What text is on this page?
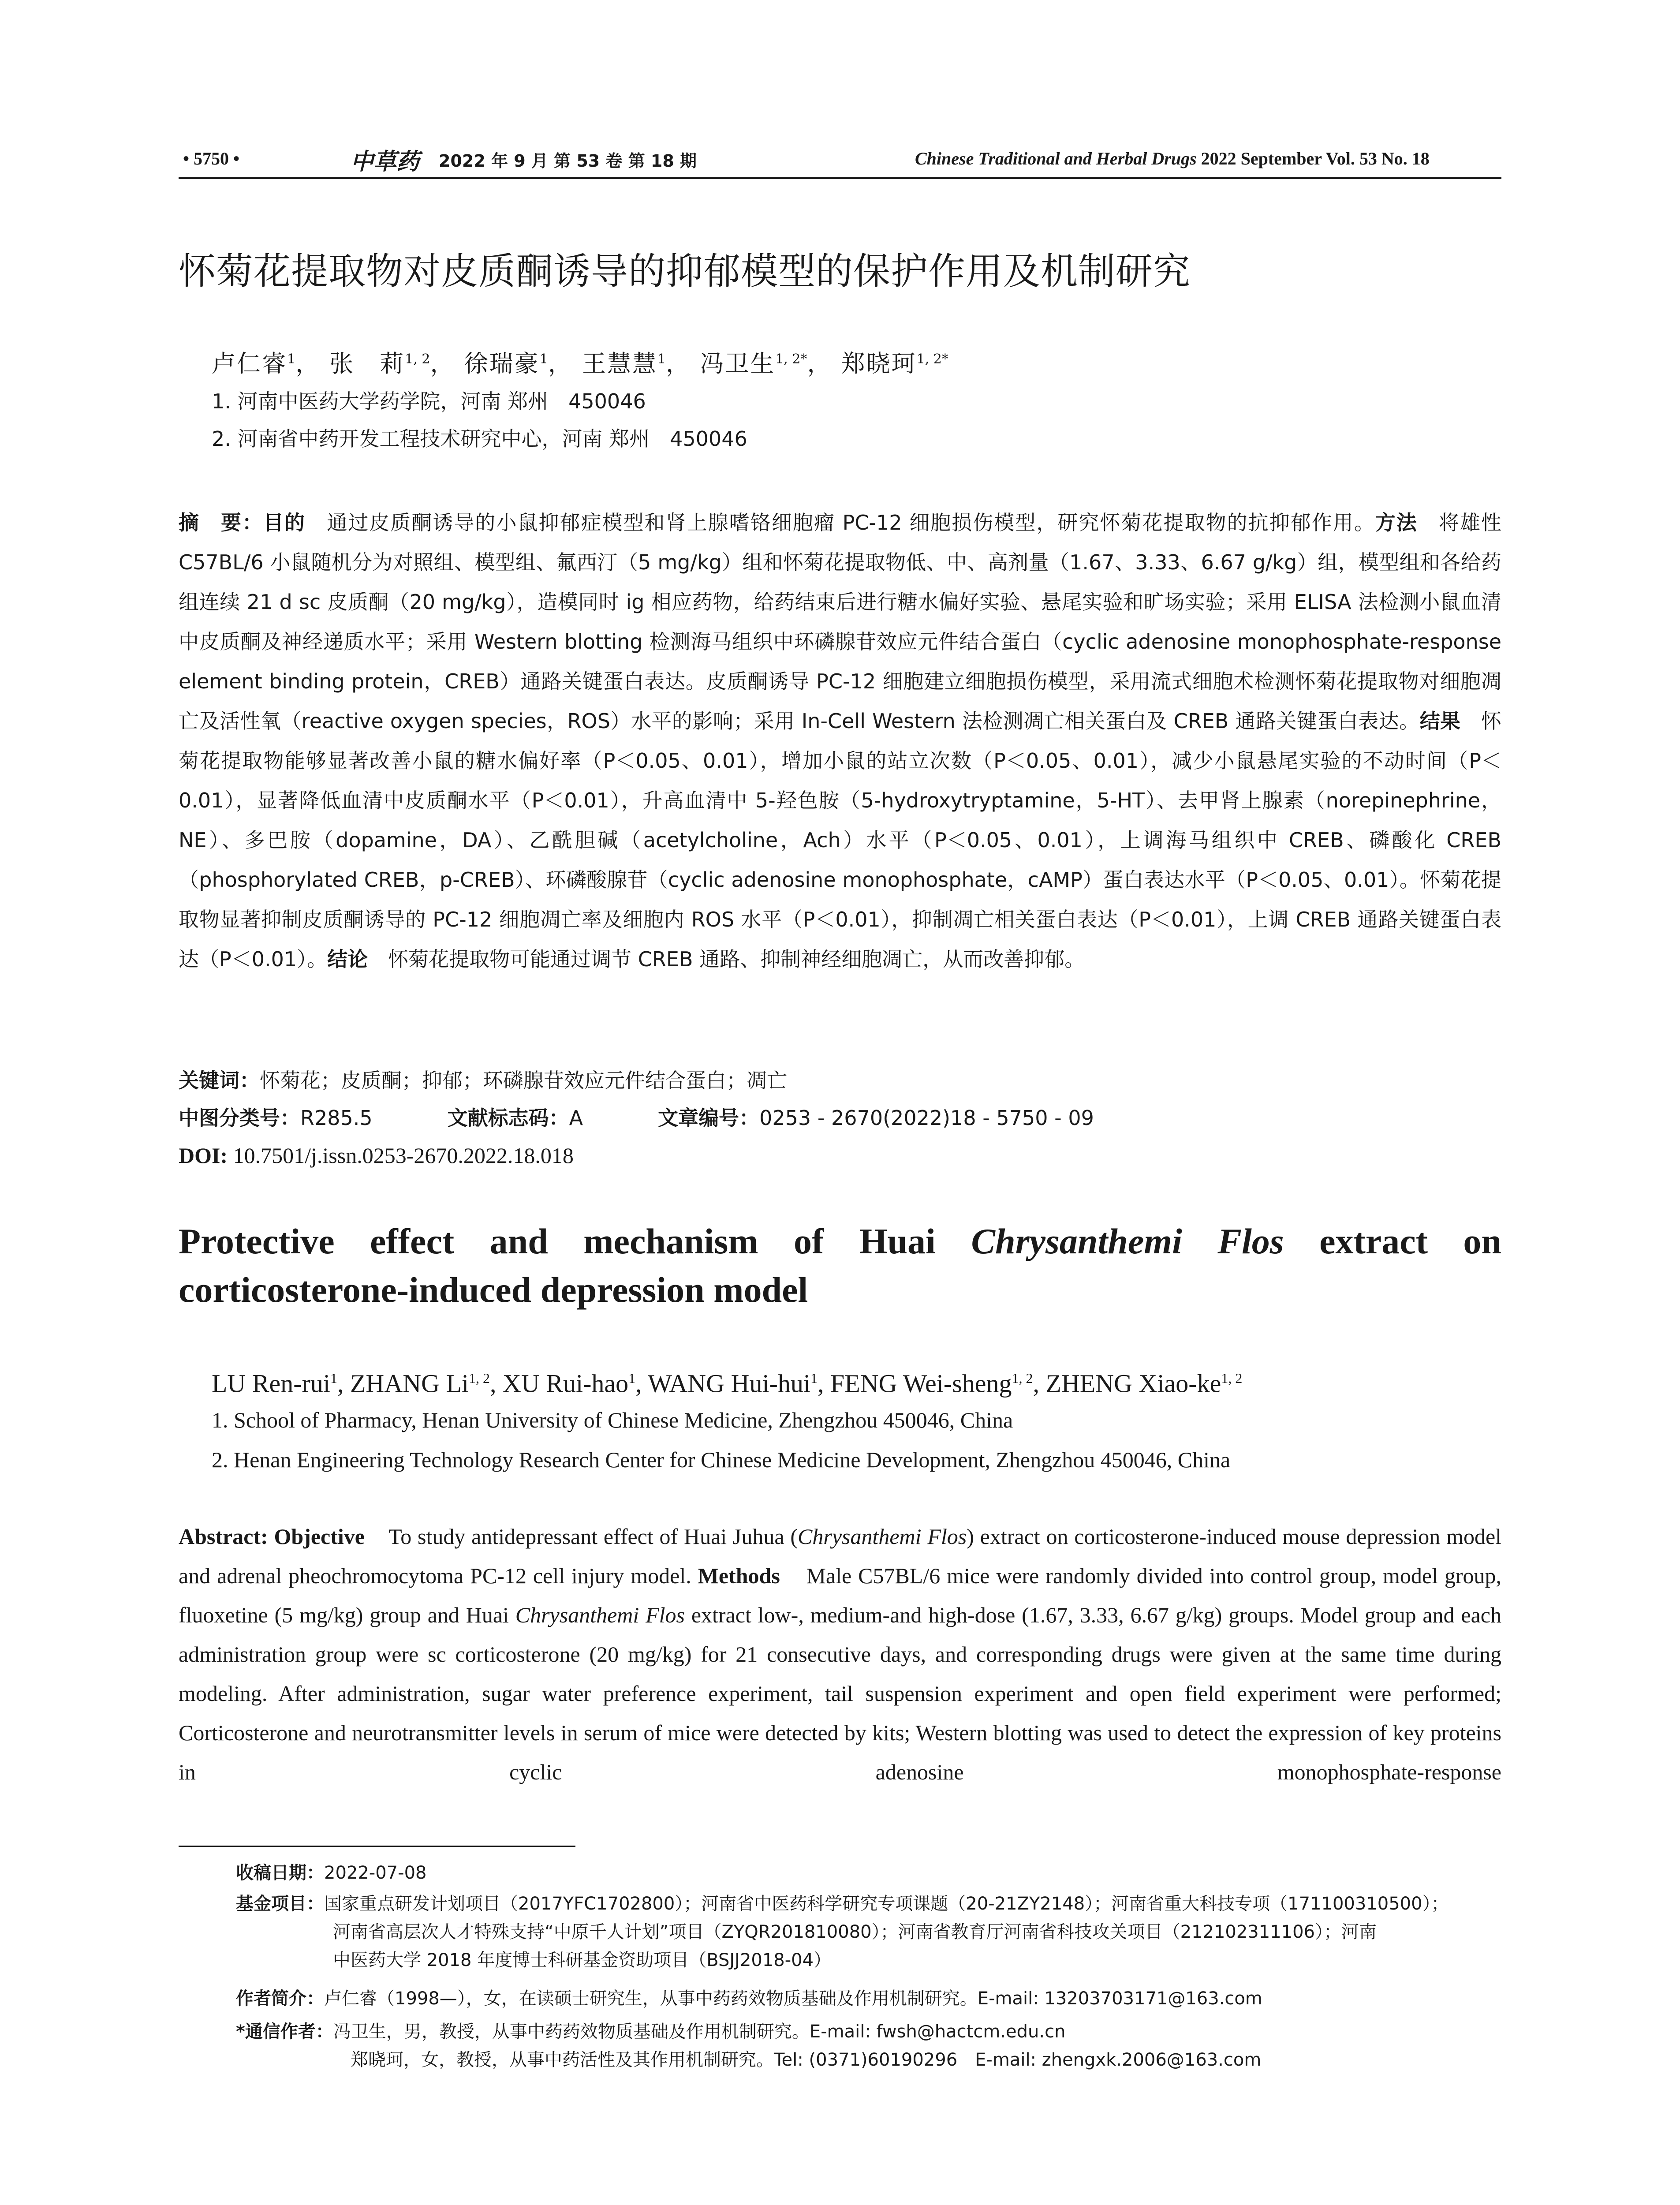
• 5750 •	中草药 2022 年 9 月 第 53 卷 第 18 期	Chinese Traditional and Herbal Drugs 2022 September Vol. 53 No. 18
怀菊花提取物对皮质酮诱导的抑郁模型的保护作用及机制研究
卢仁睿$^1$， 张　莉$^{1, 2}$， 徐瑞豪$^1$， 王慧慧$^1$， 冯卫生$^{1, 2*}$， 郑晓珂$^{1, 2*}$
1. 河南中医药大学药学院，河南 郑州　450046
2. 河南省中药开发工程技术研究中心，河南 郑州　450046
摘　要：目的　 通过皮质酮诱导的小鼠抑郁症模型和肾上腺嗜铬细胞瘤 PC-12 细胞损伤模型，研究怀菊花提取物的抗抑郁作用。方法　 将雄性 C57BL/6 小鼠随机分为对照组、模型组、氟西汀（5 mg/kg）组和怀菊花提取物低、中、高剂量（1.67、3.33、6.67 g/kg）组，模型组和各给药组连续 21 d sc 皮质酮（20 mg/kg），造模同时 ig 相应药物，给药结束后进行糖水偏好实验、悬尾实验和旷场实验；采用 ELISA 法检测小鼠血清中皮质酮及神经递质水平；采用 Western blotting 检测海马组织中环磷腺苷效应元件结合蛋白（cyclic adenosine monophosphate-response element binding protein，CREB）通路关键蛋白表达。皮质酮诱导 PC-12 细胞建立细胞损伤模型，采用流式细胞术检测怀菊花提取物对细胞凋亡及活性氧（reactive oxygen species，ROS）水平的影响；采用 In-Cell Western 法检测凋亡相关蛋白及 CREB 通路关键蛋白表达。结果　 怀菊花提取物能够显著改善小鼠的糖水偏好率（P＜0.05、0.01），增加小鼠的站立次数（P＜0.05、0.01），减少小鼠悬尾实验的不动时间（P＜0.01），显著降低血清中皮质酮水平（P＜0.01），升高血清中 5-羟色胺（5-hydroxytryptamine，5-HT）、去甲肾上腺素（norepinephrine，NE）、多巴胺（dopamine，DA）、乙酰胆碱（acetylcholine，Ach）水平（P＜0.05、0.01），上调海马组织中 CREB、磷酸化 CREB（phosphorylated CREB，p-CREB）、环磷酸腺苷（cyclic adenosine monophosphate，cAMP）蛋白表达水平（P＜0.05、0.01）。怀菊花提取物显著抑制皮质酮诱导的 PC-12 细胞凋亡率及细胞内 ROS 水平（P＜0.01），抑制凋亡相关蛋白表达（P＜0.01），上调 CREB 通路关键蛋白表达（P＜0.01）。结论　 怀菊花提取物可能通过调节 CREB 通路、抑制神经细胞凋亡，从而改善抑郁。
关键词：怀菊花；皮质酮；抑郁；环磷腺苷效应元件结合蛋白；凋亡
中图分类号：R285.5	文献标志码：A	文章编号：0253 - 2670(2022)18 - 5750 - 09
DOI: 10.7501/j.issn.0253-2670.2022.18.018
Protective effect and mechanism of Huai Chrysanthemi Flos extract on corticosterone-induced depression model
LU Ren-rui$^1$, ZHANG Li$^{1, 2}$, XU Rui-hao$^1$, WANG Hui-hui$^1$, FENG Wei-sheng$^{1, 2}$, ZHENG Xiao-ke$^{1, 2}$
1. School of Pharmacy, Henan University of Chinese Medicine, Zhengzhou 450046, China
2. Henan Engineering Technology Research Center for Chinese Medicine Development, Zhengzhou 450046, China
Abstract: Objective To study antidepressant effect of Huai Juhua (Chrysanthemi Flos) extract on corticosterone-induced mouse depression model and adrenal pheochromocytoma PC-12 cell injury model. Methods Male C57BL/6 mice were randomly divided into control group, model group, fluoxetine (5 mg/kg) group and Huai Chrysanthemi Flos extract low-, medium-and high-dose (1.67, 3.33, 6.67 g/kg) groups. Model group and each administration group were sc corticosterone (20 mg/kg) for 21 consecutive days, and corresponding drugs were given at the same time during modeling. After administration, sugar water preference experiment, tail suspension experiment and open field experiment were performed; Corticosterone and neurotransmitter levels in serum of mice were detected by kits; Western blotting was used to detect the expression of key proteins in cyclic adenosine monophosphate-response
收稿日期：2022-07-08
基金项目：国家重点研发计划项目（2017YFC1702800）；河南省中医药科学研究专项课题（20-21ZY2148）；河南省重大科技专项（171100310500）；
河南省高层次人才特殊支持“中原千人计划”项目（ZYQR201810080）；河南省教育厅河南省科技攻关项目（212102311106）；河南
中医药大学 2018 年度博士科研基金资助项目（BSJJ2018-04）
作者简介：卢仁睿（1998—），女，在读硕士研究生，从事中药药效物质基础及作用机制研究。E-mail: 13203703171@163.com
*通信作者：冯卫生，男，教授，从事中药药效物质基础及作用机制研究。E-mail: fwsh@hactcm.edu.cn
郑晓珂，女，教授，从事中药活性及其作用机制研究。Tel: (0371)60190296　E-mail: zhengxk.2006@163.com
